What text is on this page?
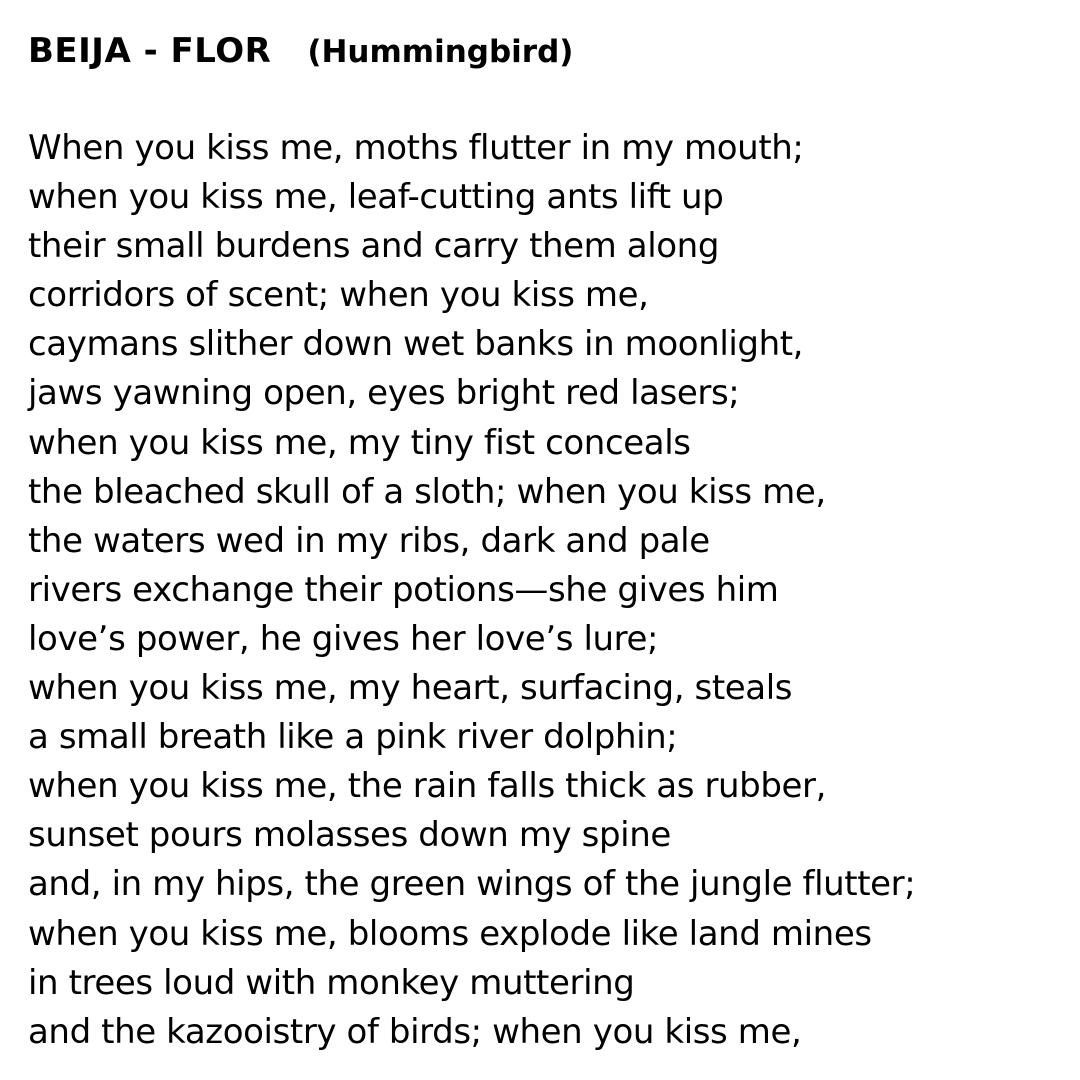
BEIJA - FLOR (Hummingbird)
When you kiss me, moths flutter in my mouth;
when you kiss me, leaf-cutting ants lift up
their small burdens and carry them along
corridors of scent; when you kiss me,
caymans slither down wet banks in moonlight,
jaws yawning open, eyes bright red lasers;
when you kiss me, my tiny fist conceals
the bleached skull of a sloth; when you kiss me,
the waters wed in my ribs, dark and pale
rivers exchange their potions—she gives him
love’s power, he gives her love’s lure;
when you kiss me, my heart, surfacing, steals
a small breath like a pink river dolphin;
when you kiss me, the rain falls thick as rubber,
sunset pours molasses down my spine
and, in my hips, the green wings of the jungle flutter;
when you kiss me, blooms explode like land mines
in trees loud with monkey muttering
and the kazooistry of birds; when you kiss me,
